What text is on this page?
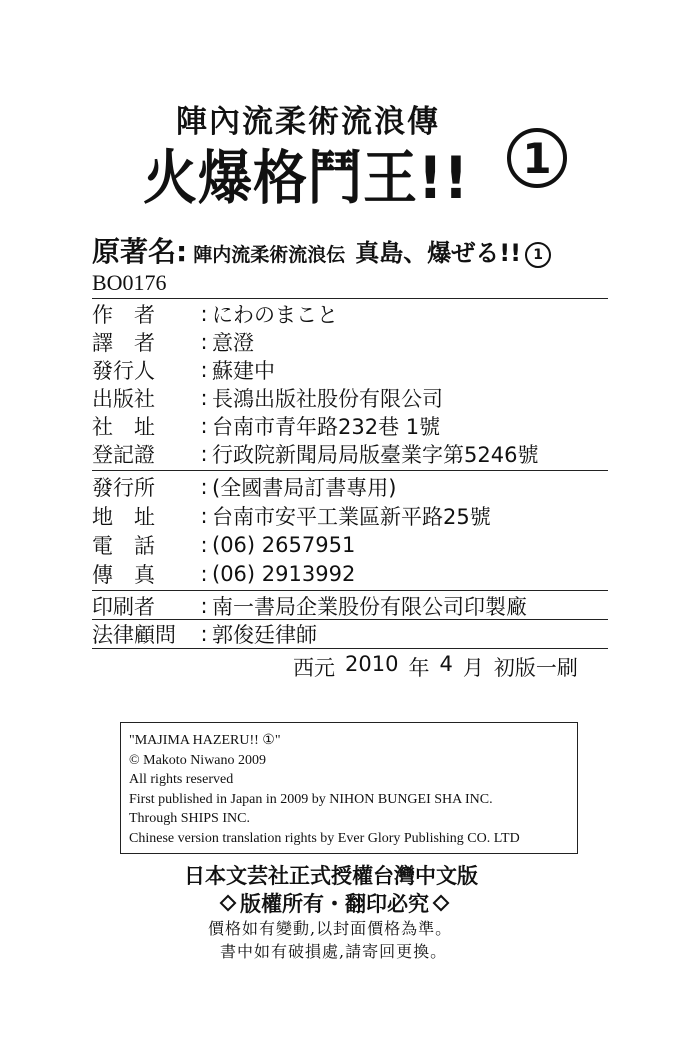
陣內流柔術流浪傳
火爆格鬥王!!	1
原著名 : 陣内流柔術流浪伝 真島、爆ぜる!! 1
BO0176
作　者	: にわのまこと
譯　者	: 意澄
發行人	: 蘇建中
出版社	: 長鴻出版社股份有限公司
社　址	: 台南市青年路232巷 1號
登記證	: 行政院新聞局局版臺業字第5246號
發行所	: (全國書局訂書專用)
地　址	: 台南市安平工業區新平路25號
電　話	: (06) 2657951
傳　真	: (06) 2913992
印刷者	: 南一書局企業股份有限公司印製廠
法律顧問	: 郭俊廷律師
西元 2010 年 4 月 初版一刷
"MAJIMA HAZERU!! ①"
© Makoto Niwano 2009
All rights reserved
First published in Japan in 2009 by NIHON BUNGEI SHA INC.
Through SHIPS INC.
Chinese version translation rights by Ever Glory Publishing CO. LTD
日本文芸社正式授權台灣中文版
版權所有・翻印必究
價格如有變動,以封面價格為準。
書中如有破損處,請寄回更換。
